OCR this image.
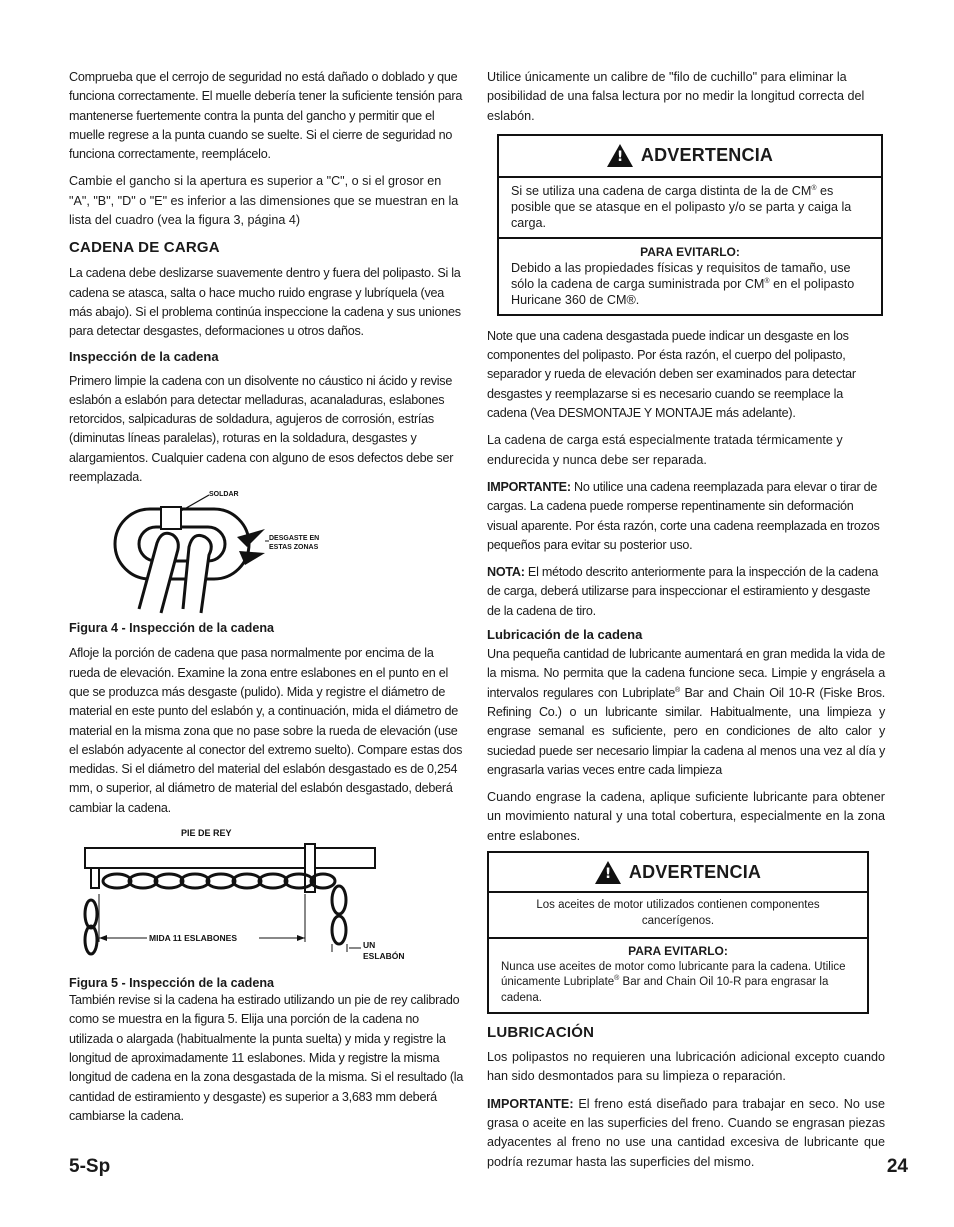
Comprueba que el cerrojo de seguridad no está dañado o doblado y que funciona correctamente. El muelle debería tener la suficiente tensión para mantenerse fuertemente contra la punta del gancho y permitir que el muelle regrese a la punta cuando se suelte. Si el cierre de seguridad no funciona correctamente, reemplácelo.

Cambie el gancho si la apertura es superior a "C", o si el grosor en "A", "B", "D" o "E" es inferior a las dimensiones que se muestran en la lista del cuadro (vea la figura 3, página 4)

CADENA DE CARGA

La cadena debe deslizarse suavemente dentro y fuera del polipasto. Si la cadena se atasca, salta o hace mucho ruido engrase y lubríquela (vea más abajo). Si el problema continúa inspeccione la cadena y sus uniones para detectar desgastes, deformaciones u otros daños.

Inspección de la cadena

Primero limpie la cadena con un disolvente no cáustico ni ácido y revise eslabón a eslabón para detectar melladuras, acanaladuras, eslabones retorcidos, salpicaduras de soldadura, agujeros de corrosión, estrías (diminutas líneas paralelas), roturas en la soldadura, desgastes y alargamientos. Cualquier cadena con alguno de esos defectos debe ser reemplazada.

SOLDAR
DESGASTE EN
ESTAS ZONAS
Figura 4 - Inspección de la cadena

Afloje la porción de cadena que pasa normalmente por encima de la rueda de elevación. Examine la zona entre eslabones en el punto en el que se produzca más desgaste (pulido). Mida y registre el diámetro de material en este punto del eslabón y, a continuación, mida el diámetro de material en la misma zona que no pase sobre la rueda de elevación (use el eslabón adyacente al conector del extremo suelto). Compare estas dos medidas. Si el diámetro del material del eslabón desgastado es de 0,254 mm, o superior, al diámetro de material del eslabón desgastado, deberá cambiar la cadena.

PIE DE REY
MIDA 11 ESLABONES
UN
ESLABÓN
Figura 5 - Inspección de la cadena

También revise si la cadena ha estirado utilizando un pie de rey calibrado como se muestra en la figura 5. Elija una porción de la cadena no utilizada o alargada (habitualmente la punta suelta) y mida y registre la longitud de aproximadamente 11 eslabones. Mida y registre la misma longitud de cadena en la zona desgastada de la misma. Si el resultado (la cantidad de estiramiento y desgaste) es superior a 3,683 mm deberá cambiarse la cadena.

Utilice únicamente un calibre de "filo de cuchillo" para eliminar la posibilidad de una falsa lectura por no medir la longitud correcta del eslabón.

! ADVERTENCIA
Si se utiliza una cadena de carga distinta de la de CM® es posible que se atasque en el polipasto y/o se parta y caiga la carga.
PARA EVITARLO:
Debido a las propiedades físicas y requisitos de tamaño, use sólo la cadena de carga suministrada por CM® en el polipasto Huricane 360 de CM®.

Note que una cadena desgastada puede indicar un desgaste en los componentes del polipasto. Por ésta razón, el cuerpo del polipasto, separador y rueda de elevación deben ser examinados para detectar desgastes y reemplazarse si es necesario cuando se reemplace la cadena (Vea DESMONTAJE Y MONTAJE más adelante).

La cadena de carga está especialmente tratada térmicamente y endurecida y nunca debe ser reparada.

IMPORTANTE: No utilice una cadena reemplazada para elevar o tirar de cargas. La cadena puede romperse repentinamente sin deformación visual aparente. Por ésta razón, corte una cadena reemplazada en trozos pequeños para evitar su posterior uso.

NOTA: El método descrito anteriormente para la inspección de la cadena de carga, deberá utilizarse para inspeccionar el estiramiento y desgaste de la cadena de tiro.

Lubricación de la cadena

Una pequeña cantidad de lubricante aumentará en gran medida la vida de la misma. No permita que la cadena funcione seca. Limpie y engrásela a intervalos regulares con Lubriplate® Bar and Chain Oil 10-R (Fiske Bros. Refining Co.) o un lubricante similar. Habitualmente, una limpieza y engrase semanal es suficiente, pero en condiciones de alto calor y suciedad puede ser necesario limpiar la cadena al menos una vez al día y engrasarla varias veces entre cada limpieza

Cuando engrase la cadena, aplique suficiente lubricante para obtener un movimiento natural y una total cobertura, especialmente en la zona entre eslabones.

! ADVERTENCIA
Los aceites de motor utilizados contienen componentes cancerígenos.
PARA EVITARLO:
Nunca use aceites de motor como lubricante para la cadena. Utilice únicamente Lubriplate® Bar and Chain Oil 10-R para engrasar la cadena.
LUBRICACIÓN

Los polipastos no requieren una lubricación adicional excepto cuando han sido desmontados para su limpieza o reparación.

IMPORTANTE: El freno está diseñado para trabajar en seco. No use grasa o aceite en las superficies del freno. Cuando se engrasan piezas adyacentes al freno no use una cantidad excesiva de lubricante que podría rezumar hasta las superficies del mismo.

5-Sp	24
